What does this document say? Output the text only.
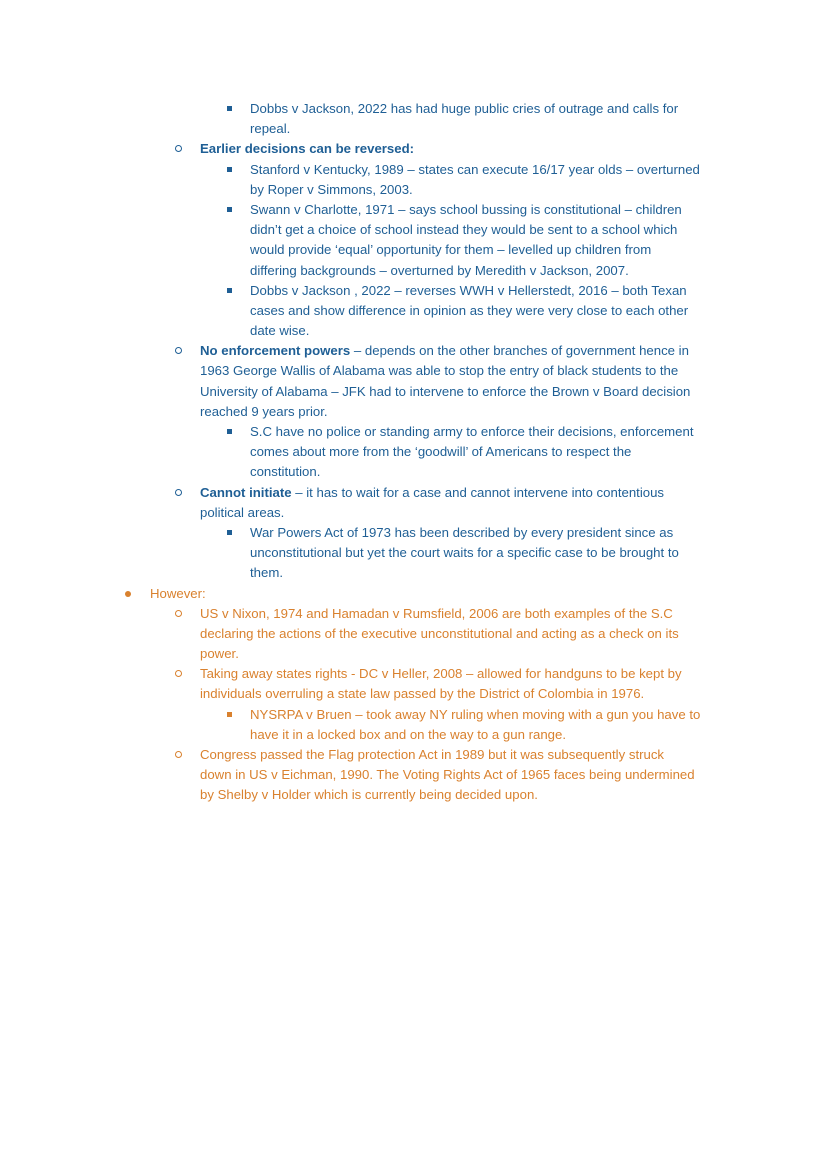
Dobbs v Jackson, 2022 has had huge public cries of outrage and calls for
repeal.
Earlier decisions can be reversed:
Stanford v Kentucky, 1989 – states can execute 16/17 year olds – overturned
by Roper v Simmons, 2003.
Swann v Charlotte, 1971 – says school bussing is constitutional – children
didn’t get a choice of school instead they would be sent to a school which
would provide ‘equal’ opportunity for them – levelled up children from
differing backgrounds – overturned by Meredith v Jackson, 2007.
Dobbs v Jackson , 2022 – reverses WWH v Hellerstedt, 2016 – both Texan
cases and show difference in opinion as they were very close to each other
date wise.
No enforcement powers – depends on the other branches of government hence in
1963 George Wallis of Alabama was able to stop the entry of black students to the
University of Alabama – JFK had to intervene to enforce the Brown v Board decision
reached 9 years prior.
S.C have no police or standing army to enforce their decisions, enforcement
comes about more from the ‘goodwill’ of Americans to respect the
constitution.
Cannot initiate – it has to wait for a case and cannot intervene into contentious
political areas.
War Powers Act of 1973 has been described by every president since as
unconstitutional but yet the court waits for a specific case to be brought to
them.
However:
US v Nixon, 1974 and Hamadan v Rumsfield, 2006 are both examples of the S.C
declaring the actions of the executive unconstitutional and acting as a check on its
power.
Taking away states rights - DC v Heller, 2008 – allowed for handguns to be kept by
individuals overruling a state law passed by the District of Colombia in 1976.
NYSRPA v Bruen – took away NY ruling when moving with a gun you have to
have it in a locked box and on the way to a gun range.
Congress passed the Flag protection Act in 1989 but it was subsequently struck
down in US v Eichman, 1990. The Voting Rights Act of 1965 faces being undermined
by Shelby v Holder which is currently being decided upon.
